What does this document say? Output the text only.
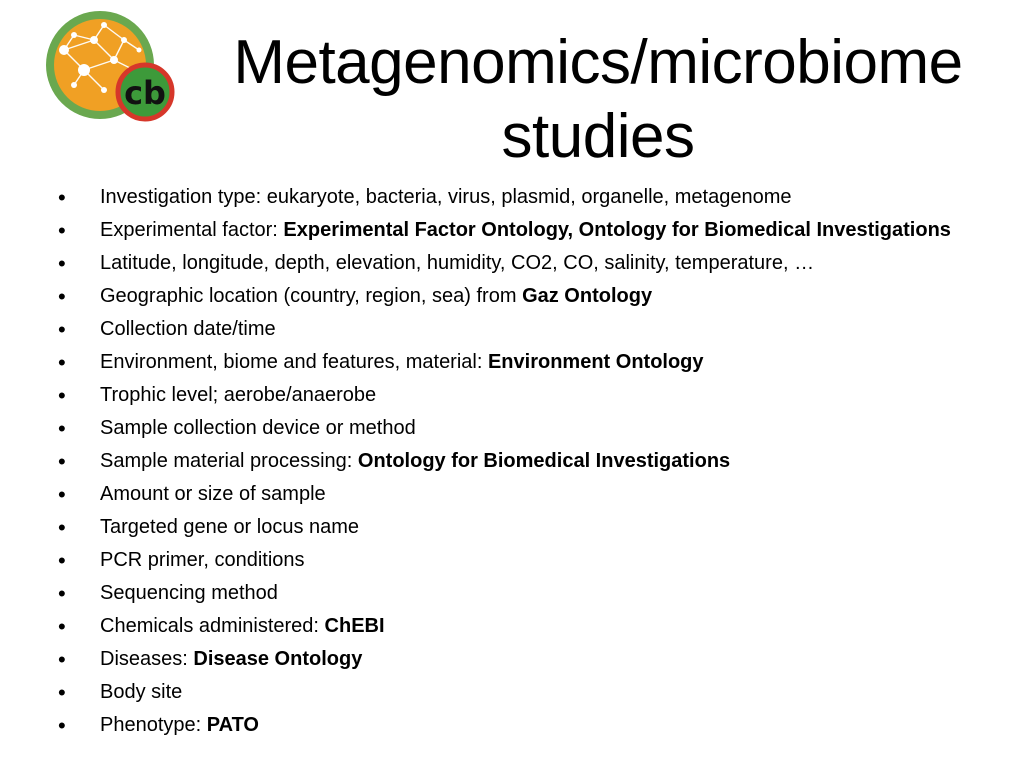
cb	Metagenomics/microbiome
studies
• Investigation type: eukaryote, bacteria, virus, plasmid, organelle, metagenome
• Experimental factor: Experimental Factor Ontology, Ontology for Biomedical Investigations
• Latitude, longitude, depth, elevation, humidity, CO2, CO, salinity, temperature, …
• Geographic location (country, region, sea) from Gaz Ontology
• Collection date/time
• Environment, biome and features, material: Environment Ontology
• Trophic level; aerobe/anaerobe
• Sample collection device or method
• Sample material processing: Ontology for Biomedical Investigations
• Amount or size of sample
• Targeted gene or locus name
• PCR primer, conditions
• Sequencing method
• Chemicals administered: ChEBI
• Diseases: Disease Ontology
• Body site
• Phenotype: PATO
